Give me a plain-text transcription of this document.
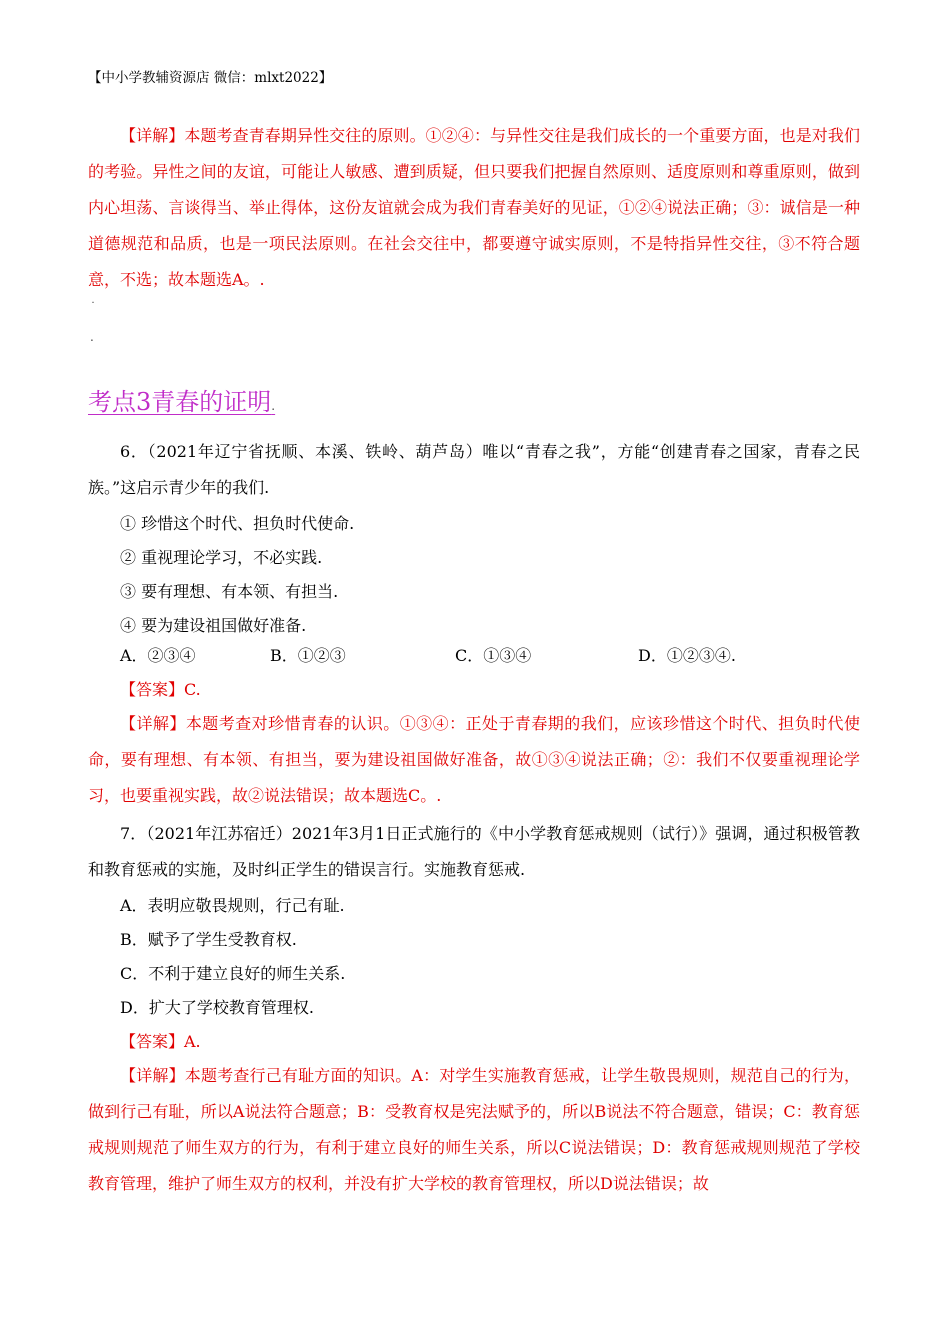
【中小学教辅资源店 微信：mlxt2022】
【详解】本题考查青春期异性交往的原则。①②④：与异性交往是我们成长的一个重要方面，也是对我们的考验。异性之间的友谊，可能让人敏感、遭到质疑，但只要我们把握自然原则、适度原则和尊重原则，做到内心坦荡、言谈得当、举止得体，这份友谊就会成为我们青春美好的见证，①②④说法正确；③：诚信是一种道德规范和品质，也是一项民法原则。在社会交往中，都要遵守诚实原则，不是特指异性交往，③不符合题意，不选；故本题选A。.
˙
.
考点3青春的证明.
6．（2021年辽宁省抚顺、本溪、铁岭、葫芦岛）唯以“青春之我”，方能“创建青春之国家，青春之民族。”这启示青少年的我们.
① 珍惜这个时代、担负时代使命.
② 重视理论学习，不必实践.
③ 要有理想、有本领、有担当.
④ 要为建设祖国做好准备.
A．②③④	B．①②③	C．①③④	D．①②③④.
【答案】C.
【详解】本题考查对珍惜青春的认识。①③④：正处于青春期的我们，应该珍惜这个时代、担负时代使命，要有理想、有本领、有担当，要为建设祖国做好准备，故①③④说法正确；②：我们不仅要重视理论学习，也要重视实践，故②说法错误；故本题选C。.
7．（2021年江苏宿迁）2021年3月1日正式施行的《中小学教育惩戒规则（试行）》强调，通过积极管教和教育惩戒的实施，及时纠正学生的错误言行。实施教育惩戒.
A．表明应敬畏规则，行己有耻.
B．赋予了学生受教育权.
C．不利于建立良好的师生关系.
D．扩大了学校教育管理权.
【答案】A.
【详解】本题考查行己有耻方面的知识。A：对学生实施教育惩戒，让学生敬畏规则，规范自己的行为，做到行己有耻，所以A说法符合题意；B：受教育权是宪法赋予的，所以B说法不符合题意，错误；C：教育惩戒规则规范了师生双方的行为，有利于建立良好的师生关系，所以C说法错误；D：教育惩戒规则规范了学校教育管理，维护了师生双方的权利，并没有扩大学校的教育管理权，所以D说法错误；故
